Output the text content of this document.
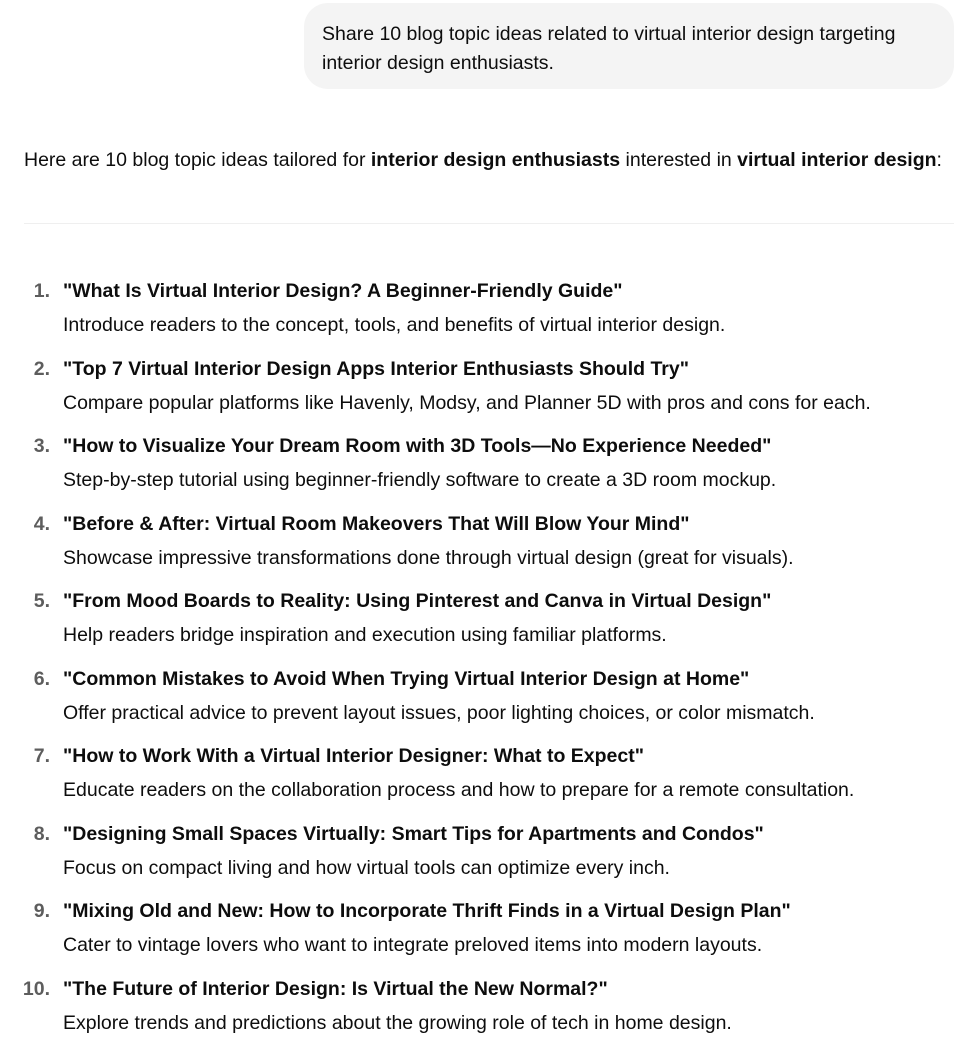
Share 10 blog topic ideas related to virtual interior design targeting interior design enthusiasts.

Here are 10 blog topic ideas tailored for interior design enthusiasts interested in virtual interior design:

1. "What Is Virtual Interior Design? A Beginner-Friendly Guide"
Introduce readers to the concept, tools, and benefits of virtual interior design.
2. "Top 7 Virtual Interior Design Apps Interior Enthusiasts Should Try"
Compare popular platforms like Havenly, Modsy, and Planner 5D with pros and cons for each.
3. "How to Visualize Your Dream Room with 3D Tools—No Experience Needed"
Step-by-step tutorial using beginner-friendly software to create a 3D room mockup.
4. "Before & After: Virtual Room Makeovers That Will Blow Your Mind"
Showcase impressive transformations done through virtual design (great for visuals).
5. "From Mood Boards to Reality: Using Pinterest and Canva in Virtual Design"
Help readers bridge inspiration and execution using familiar platforms.
6. "Common Mistakes to Avoid When Trying Virtual Interior Design at Home"
Offer practical advice to prevent layout issues, poor lighting choices, or color mismatch.
7. "How to Work With a Virtual Interior Designer: What to Expect"
Educate readers on the collaboration process and how to prepare for a remote consultation.
8. "Designing Small Spaces Virtually: Smart Tips for Apartments and Condos"
Focus on compact living and how virtual tools can optimize every inch.
9. "Mixing Old and New: How to Incorporate Thrift Finds in a Virtual Design Plan"
Cater to vintage lovers who want to integrate preloved items into modern layouts.
10. "The Future of Interior Design: Is Virtual the New Normal?"
Explore trends and predictions about the growing role of tech in home design.
